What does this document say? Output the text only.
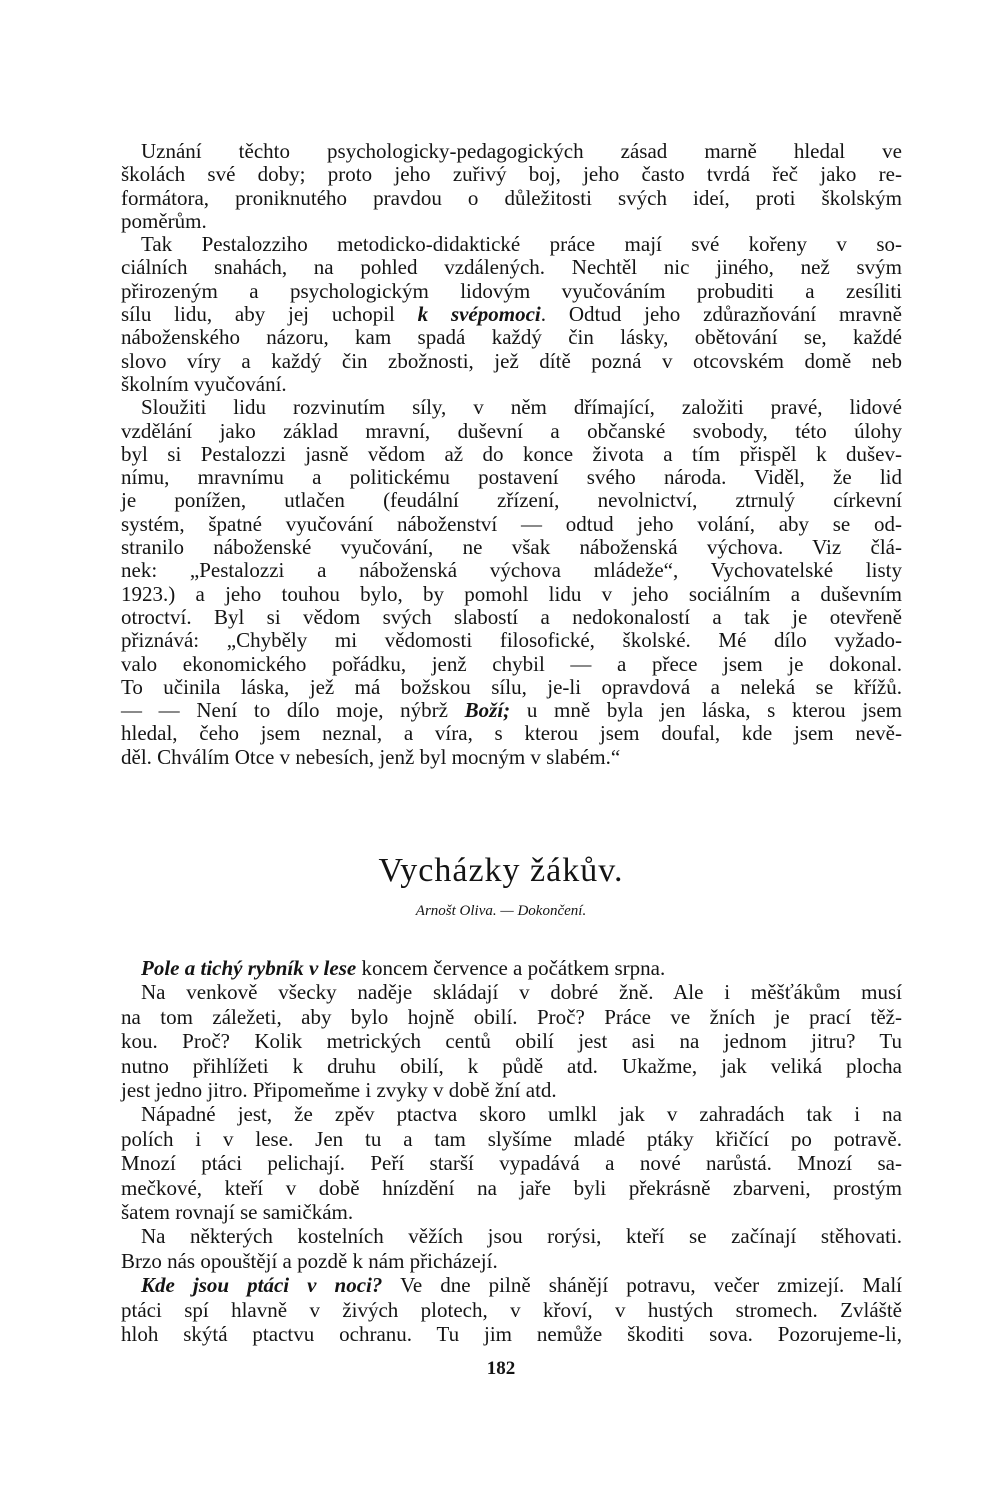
Uznání těchto psychologicky-pedagogických zásad marně hledal ve
školách své doby; proto jeho zuřivý boj, jeho často tvrdá řeč jako re-
formátora, proniknutého pravdou o důležitosti svých ideí, proti školským
poměrům.
Tak Pestalozziho metodicko-didaktické práce mají své kořeny v so-
ciálních snahách, na pohled vzdálených. Nechtěl nic jiného, než svým
přirozeným a psychologickým lidovým vyučováním probuditi a zesíliti
sílu lidu, aby jej uchopil k svépomoci. Odtud jeho zdůrazňování mravně
náboženského názoru, kam spadá každý čin lásky, obětování se, každé
slovo víry a každý čin zbožnosti, jež dítě pozná v otcovském domě neb
školním vyučování.
Sloužiti lidu rozvinutím síly, v něm dřímající, založiti pravé, lidové
vzdělání jako základ mravní, duševní a občanské svobody, této úlohy
byl si Pestalozzi jasně vědom až do konce života a tím přispěl k dušev-
nímu, mravnímu a politickému postavení svého národa. Viděl, že lid
je ponížen, utlačen (feudální zřízení, nevolnictví, ztrnulý církevní
systém, špatné vyučování náboženství — odtud jeho volání, aby se od-
stranilo náboženské vyučování, ne však náboženská výchova. Viz člá-
nek: „Pestalozzi a náboženská výchova mládeže“, Vychovatelské listy
1923.) a jeho touhou bylo, by pomohl lidu v jeho sociálním a duševním
otroctví. Byl si vědom svých slabostí a nedokonalostí a tak je otevřeně
přiznává: „Chyběly mi vědomosti filosofické, školské. Mé dílo vyžado-
valo ekonomického pořádku, jenž chybil — a přece jsem je dokonal.
To učinila láska, jež má božskou sílu, je-li opravdová a neleká se křížů.
— — Není to dílo moje, nýbrž Boží; u mně byla jen láska, s kterou jsem
hledal, čeho jsem neznal, a víra, s kterou jsem doufal, kde jsem nevě-
děl. Chválím Otce v nebesích, jenž byl mocným v slabém.“
Vycházky žákův.
Arnošt Oliva. — Dokončení.
Pole a tichý rybník v lese koncem července a počátkem srpna.
Na venkově všecky naděje skládají v dobré žně. Ale i měšťákům musí
na tom záležeti, aby bylo hojně obilí. Proč? Práce ve žních je prací těž-
kou. Proč? Kolik metrických centů obilí jest asi na jednom jitru? Tu
nutno přihlížeti k druhu obilí, k půdě atd. Ukažme, jak veliká plocha
jest jedno jitro. Připomeňme i zvyky v době žní atd.
Nápadné jest, že zpěv ptactva skoro umlkl jak v zahradách tak i na
polích i v lese. Jen tu a tam slyšíme mladé ptáky křičící po potravě.
Mnozí ptáci pelichají. Peří starší vypadává a nové narůstá. Mnozí sa-
mečkové, kteří v době hnízdění na jaře byli překrásně zbarveni, prostým
šatem rovnají se samičkám.
Na některých kostelních věžích jsou rorýsi, kteří se začínají stěhovati.
Brzo nás opouštějí a pozdě k nám přicházejí.
Kde jsou ptáci v noci? Ve dne pilně shánějí potravu, večer zmizejí. Malí
ptáci spí hlavně v živých plotech, v křoví, v hustých stromech. Zvláště
hloh skýtá ptactvu ochranu. Tu jim nemůže škoditi sova. Pozorujeme-li,
182
